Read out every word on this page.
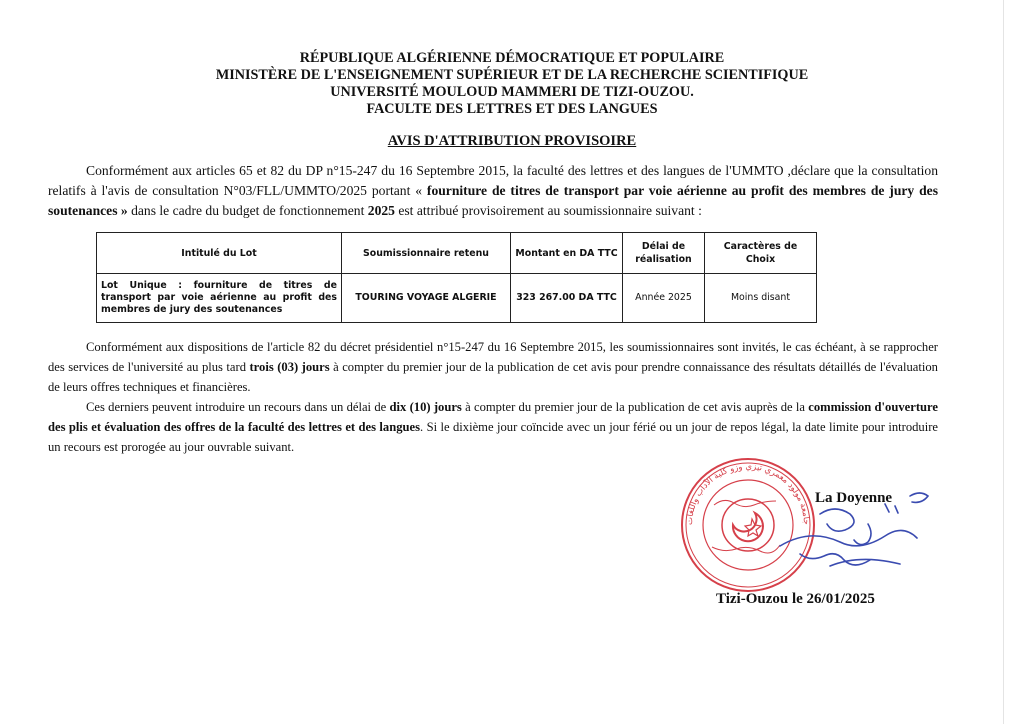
RÉPUBLIQUE ALGÉRIENNE DÉMOCRATIQUE ET POPULAIRE
MINISTÈRE DE L'ENSEIGNEMENT SUPÉRIEUR ET DE LA RECHERCHE SCIENTIFIQUE
UNIVERSITÉ MOULOUD MAMMERI DE TIZI-OUZOU.
FACULTE DES LETTRES ET DES LANGUES
AVIS D'ATTRIBUTION PROVISOIRE
Conformément aux articles 65 et 82 du DP n°15-247 du 16 Septembre 2015, la faculté des lettres et des langues de l'UMMTO ,déclare que la consultation relatifs à l'avis de consultation N°03/FLL/UMMTO/2025 portant « fourniture de titres de transport par voie aérienne au profit des membres de jury des soutenances » dans le cadre du budget de fonctionnement 2025 est attribué provisoirement au soumissionnaire suivant :
Intitulé du Lot	Soumissionnaire retenu	Montant en DA TTC	Délai de réalisation	Caractères de Choix
Lot Unique : fourniture de titres de transport par voie aérienne au profit des membres de jury des soutenances	TOURING VOYAGE ALGERIE	323 267.00 DA TTC	Année 2025	Moins disant
Conformément aux dispositions de l'article 82 du décret présidentiel n°15-247 du 16 Septembre 2015, les soumissionnaires sont invités, le cas échéant, à se rapprocher des services de l'université au plus tard trois (03) jours à compter du premier jour de la publication de cet avis pour prendre connaissance des résultats détaillés de l'évaluation de leurs offres techniques et financières.
Ces derniers peuvent introduire un recours dans un délai de dix (10) jours à compter du premier jour de la publication de cet avis auprès de la commission d'ouverture des plis et évaluation des offres de la faculté des lettres et des langues. Si le dixième jour coïncide avec un jour férié ou un jour de repos légal, la date limite pour introduire un recours est prorogée au jour ouvrable suivant.
جامعة مولود معمري تيزي وزو كلية الآداب واللغات
La Doyenne
Tizi-Ouzou le 26/01/2025
